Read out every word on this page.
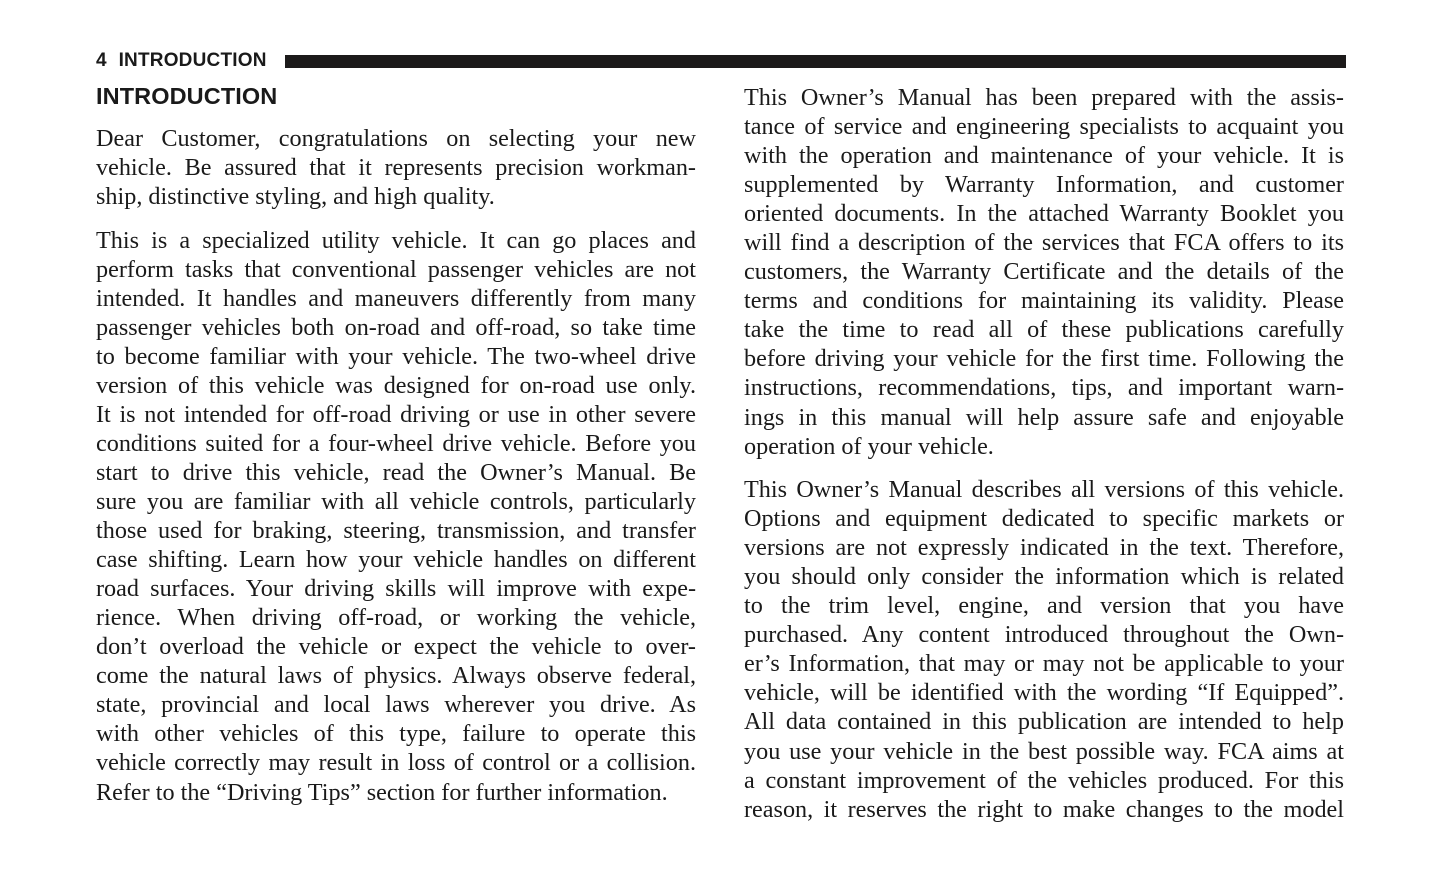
4 INTRODUCTION
INTRODUCTION

Dear Customer, congratulations on selecting your new
vehicle. Be assured that it represents precision workman-
ship, distinctive styling, and high quality.

This is a specialized utility vehicle. It can go places and
perform tasks that conventional passenger vehicles are not
intended. It handles and maneuvers differently from many
passenger vehicles both on-road and off-road, so take time
to become familiar with your vehicle. The two-wheel drive
version of this vehicle was designed for on-road use only.
It is not intended for off-road driving or use in other severe
conditions suited for a four-wheel drive vehicle. Before you
start to drive this vehicle, read the Owner’s Manual. Be
sure you are familiar with all vehicle controls, particularly
those used for braking, steering, transmission, and transfer
case shifting. Learn how your vehicle handles on different
road surfaces. Your driving skills will improve with expe-
rience. When driving off-road, or working the vehicle,
don’t overload the vehicle or expect the vehicle to over-
come the natural laws of physics. Always observe federal,
state, provincial and local laws wherever you drive. As
with other vehicles of this type, failure to operate this
vehicle correctly may result in loss of control or a collision.
Refer to the “Driving Tips” section for further information.

This Owner’s Manual has been prepared with the assis-
tance of service and engineering specialists to acquaint you
with the operation and maintenance of your vehicle. It is
supplemented by Warranty Information, and customer
oriented documents. In the attached Warranty Booklet you
will find a description of the services that FCA offers to its
customers, the Warranty Certificate and the details of the
terms and conditions for maintaining its validity. Please
take the time to read all of these publications carefully
before driving your vehicle for the first time. Following the
instructions, recommendations, tips, and important warn-
ings in this manual will help assure safe and enjoyable
operation of your vehicle.

This Owner’s Manual describes all versions of this vehicle.
Options and equipment dedicated to specific markets or
versions are not expressly indicated in the text. Therefore,
you should only consider the information which is related
to the trim level, engine, and version that you have
purchased. Any content introduced throughout the Own-
er’s Information, that may or may not be applicable to your
vehicle, will be identified with the wording “If Equipped”.
All data contained in this publication are intended to help
you use your vehicle in the best possible way. FCA aims at
a constant improvement of the vehicles produced. For this
reason, it reserves the right to make changes to the model
